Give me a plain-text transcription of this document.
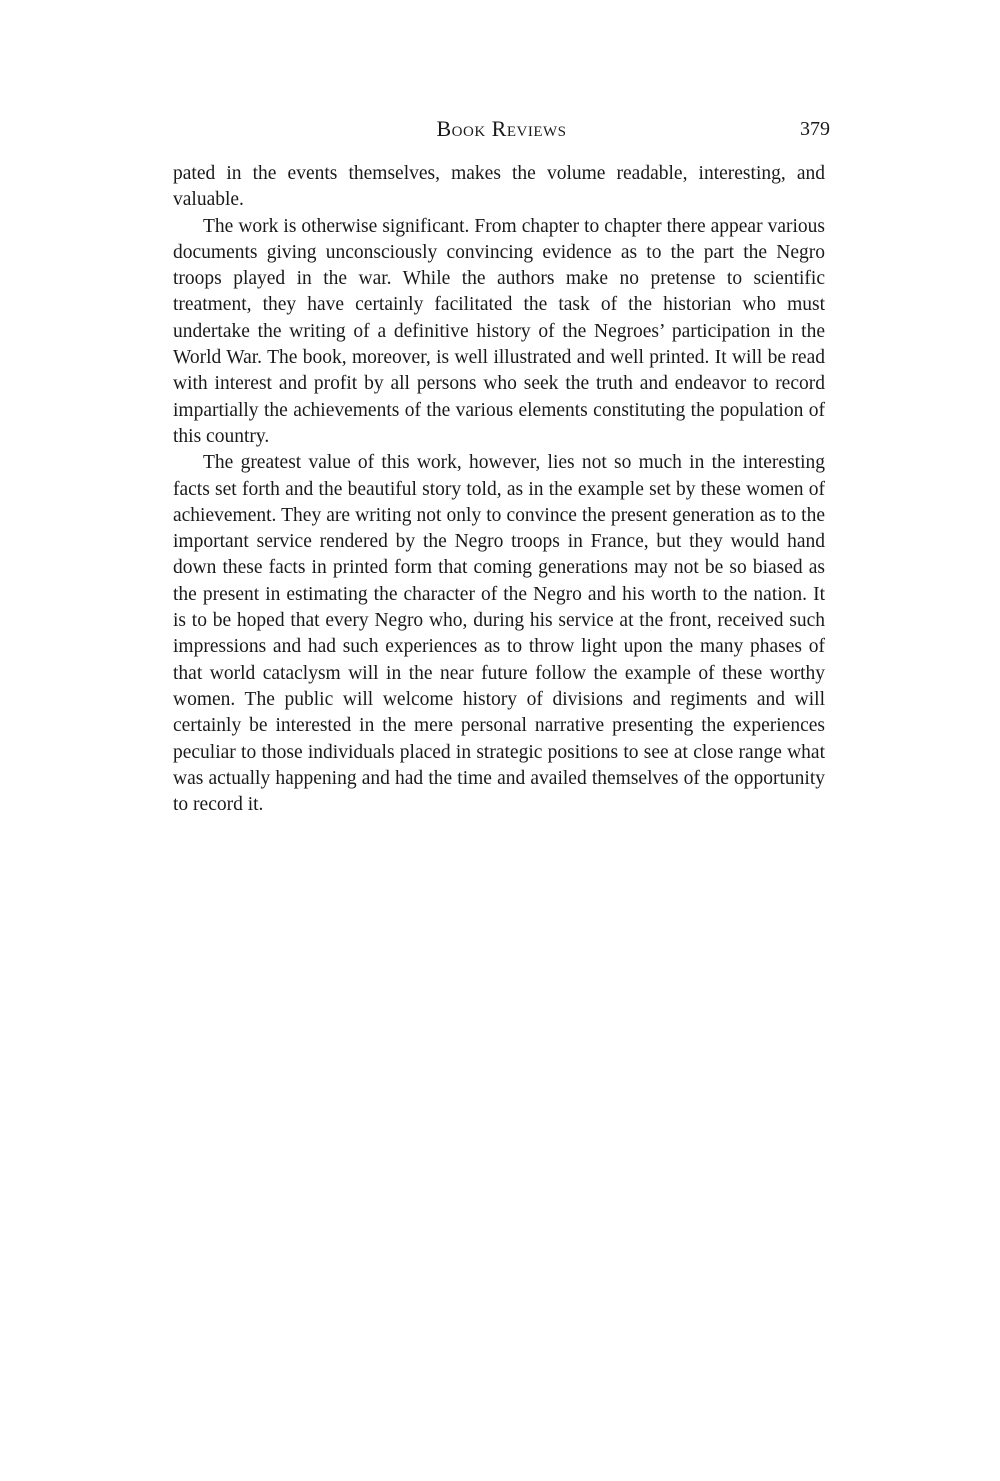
Book Reviews	379

pated in the events themselves, makes the volume readable, interesting, and valuable.

The work is otherwise significant. From chapter to chapter there appear various documents giving unconsciously convincing evidence as to the part the Negro troops played in the war. While the authors make no pretense to scientific treatment, they have certainly facilitated the task of the historian who must undertake the writing of a definitive history of the Negroes’ participation in the World War. The book, moreover, is well illustrated and well printed. It will be read with interest and profit by all persons who seek the truth and endeavor to record impartially the achievements of the various elements constituting the population of this country.

The greatest value of this work, however, lies not so much in the interesting facts set forth and the beautiful story told, as in the example set by these women of achievement. They are writing not only to convince the present generation as to the important service rendered by the Negro troops in France, but they would hand down these facts in printed form that coming generations may not be so biased as the present in estimating the character of the Negro and his worth to the nation. It is to be hoped that every Negro who, during his service at the front, received such impressions and had such experiences as to throw light upon the many phases of that world cataclysm will in the near future follow the example of these worthy women. The public will welcome history of divisions and regiments and will certainly be interested in the mere personal narrative presenting the experiences peculiar to those individuals placed in strategic positions to see at close range what was actually happening and had the time and availed themselves of the opportunity to record it.
